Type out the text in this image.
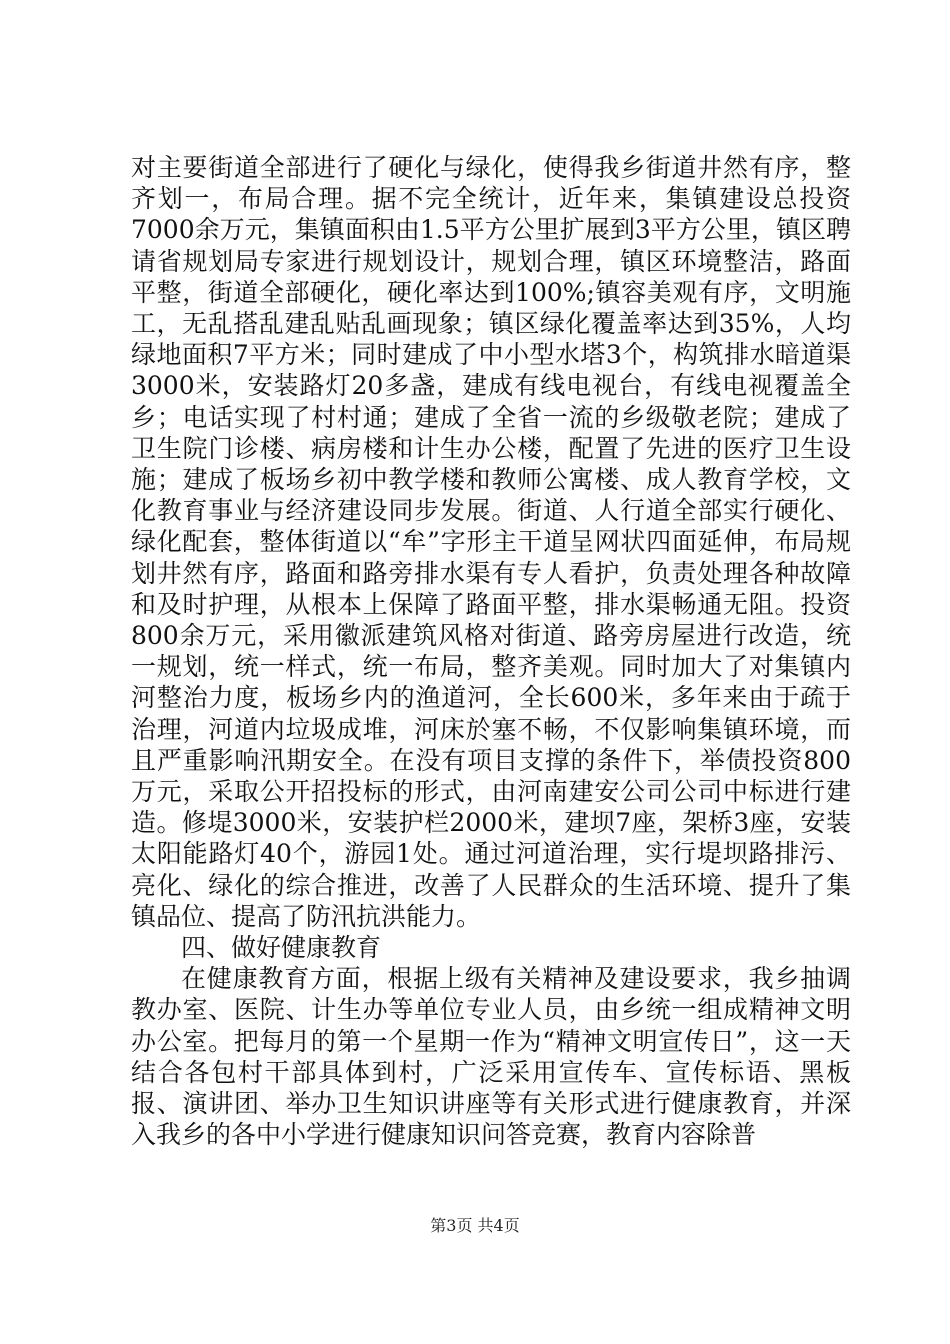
对主要街道全部进行了硬化与绿化，使得我乡街道井然有序，整齐划一，布局合理。据不完全统计，近年来，集镇建设总投资7000余万元，集镇面积由1.5平方公里扩展到3平方公里，镇区聘请省规划局专家进行规划设计，规划合理，镇区环境整洁，路面平整，街道全部硬化，硬化率达到100%;镇容美观有序，文明施工，无乱搭乱建乱贴乱画现象；镇区绿化覆盖率达到35%，人均绿地面积7平方米；同时建成了中小型水塔3个，构筑排水暗道渠3000米，安装路灯20多盏，建成有线电视台，有线电视覆盖全乡；电话实现了村村通；建成了全省一流的乡级敬老院；建成了卫生院门诊楼、病房楼和计生办公楼，配置了先进的医疗卫生设施；建成了板场乡初中教学楼和教师公寓楼、成人教育学校，文化教育事业与经济建设同步发展。街道、人行道全部实行硬化、绿化配套，整体街道以“牟”字形主干道呈网状四面延伸，布局规划井然有序，路面和路旁排水渠有专人看护，负责处理各种故障和及时护理，从根本上保障了路面平整，排水渠畅通无阻。投资800余万元，采用徽派建筑风格对街道、路旁房屋进行改造，统一规划，统一样式，统一布局，整齐美观。同时加大了对集镇内河整治力度，板场乡内的渔道河，全长600米，多年来由于疏于治理，河道内垃圾成堆，河床於塞不畅，不仅影响集镇环境，而且严重影响汛期安全。在没有项目支撑的条件下，举债投资800万元，采取公开招投标的形式，由河南建安公司公司中标进行建造。修堤3000米，安装护栏2000米，建坝7座，架桥3座，安装太阳能路灯40个，游园1处。通过河道治理，实行堤坝路排污、亮化、绿化的综合推进，改善了人民群众的生活环境、提升了集镇品位、提高了防汛抗洪能力。

四、做好健康教育

在健康教育方面，根据上级有关精神及建设要求，我乡抽调教办室、医院、计生办等单位专业人员，由乡统一组成精神文明办公室。把每月的第一个星期一作为“精神文明宣传日”，这一天结合各包村干部具体到村，广泛采用宣传车、宣传标语、黑板报、演讲团、举办卫生知识讲座等有关形式进行健康教育，并深入我乡的各中小学进行健康知识问答竞赛，教育内容除普

第3页 共4页
